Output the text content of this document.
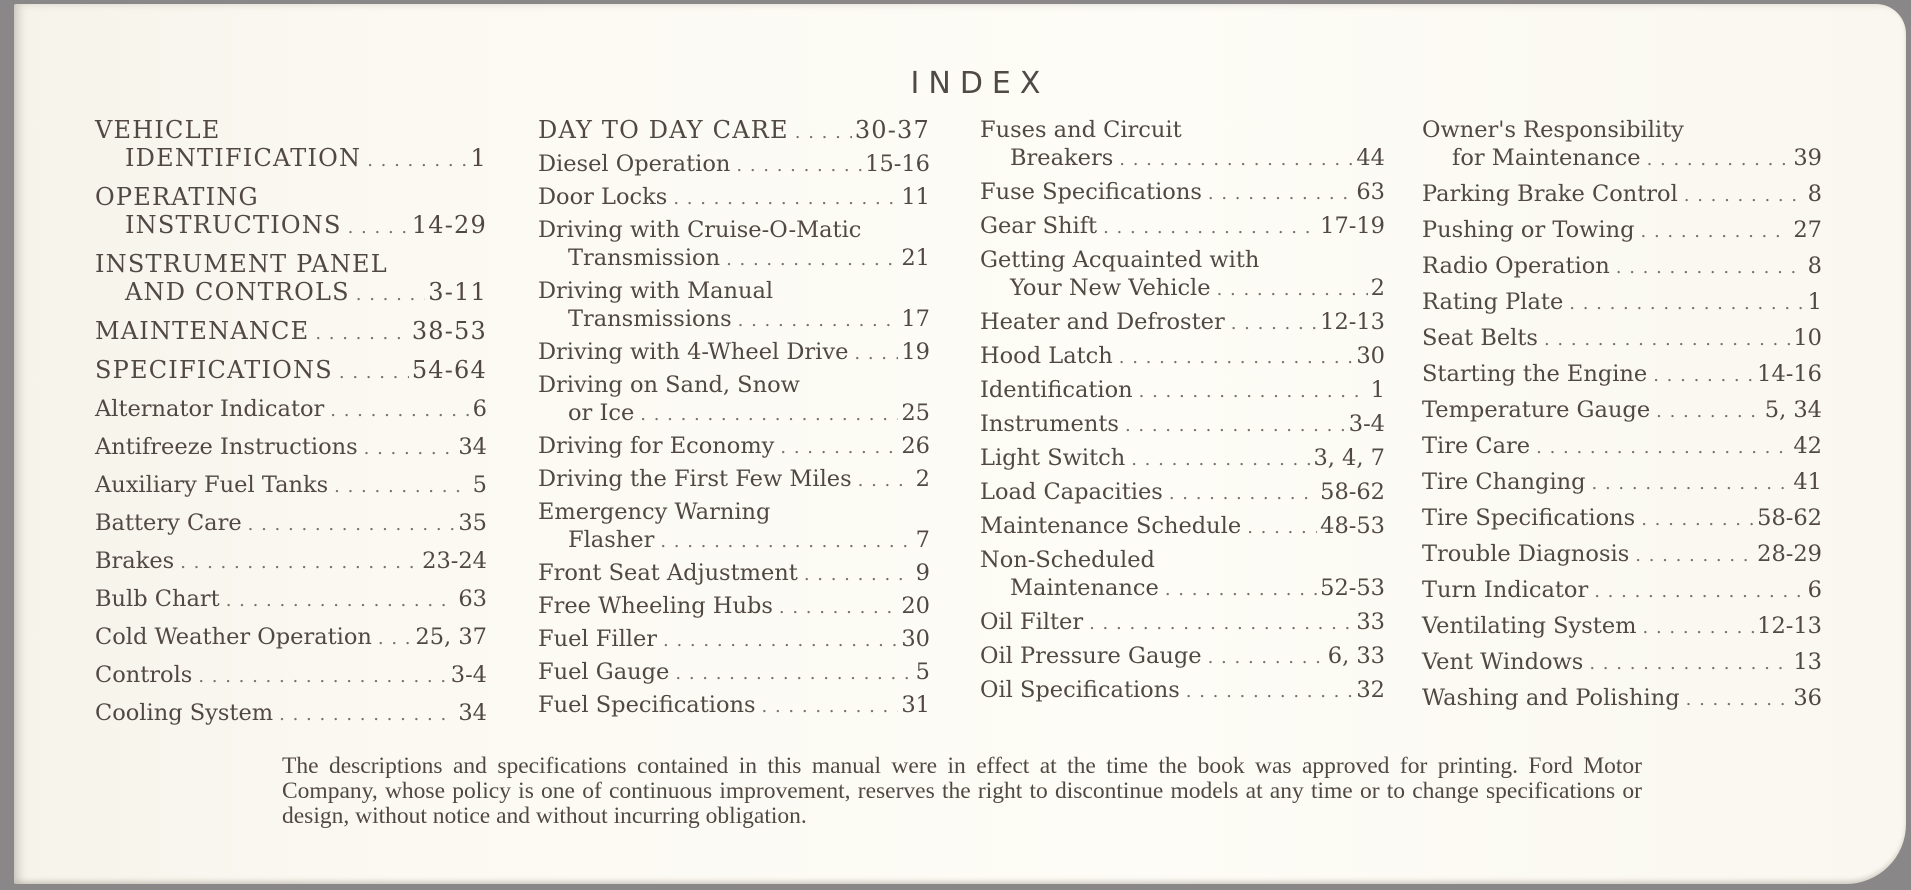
INDEX
VEHICLE
IDENTIFICATION . . .	1
OPERATING
INSTRUCTIONS . . .	14-29
INSTRUMENT PANEL
AND CONTROLS . . .	3-11
MAINTENANCE . . .	38-53
SPECIFICATIONS . . .	54-64
Alternator Indicator . . .	6
Antifreeze Instructions . . .	34
Auxiliary Fuel Tanks . . .	5
Battery Care . . .	35
Brakes . . .	23-24
Bulb Chart . . .	63
Cold Weather Operation . . . 25, 37
Controls . . .	3-4
Cooling System . . .	34
DAY TO DAY CARE . . .	30-37
Diesel Operation . . .	15-16
Door Locks . . .	11
Driving with Cruise-O-Matic
Transmission . . .	21
Driving with Manual
Transmissions . . .	17
Driving with 4-Wheel Drive . . . 19
Driving on Sand, Snow
or Ice . . .	25
Driving for Economy . . .	26
Driving the First Few Miles . . .	2
Emergency Warning
Flasher . . .	7
Front Seat Adjustment . . .	9
Free Wheeling Hubs . . .	20
Fuel Filler . . .	30
Fuel Gauge . . .	5
Fuel Specifications . . .	31
Fuses and Circuit
Breakers . . .	44
Fuse Specifications . . .	63
Gear Shift . . .	17-19
Getting Acquainted with
Your New Vehicle . . .	2
Heater and Defroster . . .	12-13
Hood Latch . . .	30
Identification . . .	1
Instruments . . .	3-4
Light Switch . . .	3, 4, 7
Load Capacities . . .	58-62
Maintenance Schedule . . .	48-53
Non-Scheduled
Maintenance . . .	52-53
Oil Filter . . .	33
Oil Pressure Gauge . . .	6, 33
Oil Specifications . . .	32
Owner's Responsibility
for Maintenance . . .	39
Parking Brake Control . . .	8
Pushing or Towing . . .	27
Radio Operation . . .	8
Rating Plate . . .	1
Seat Belts . . .	10
Starting the Engine . . .	14-16
Temperature Gauge . . .	5, 34
Tire Care . . .	42
Tire Changing . . .	41
Tire Specifications . . .	58-62
Trouble Diagnosis . . .	28-29
Turn Indicator . . .	6
Ventilating System . . .	12-13
Vent Windows . . .	13
Washing and Polishing . . .	36

The descriptions and specifications contained in this manual were in effect at the time the book was approved for printing. Ford Motor Company, whose policy is one of continuous improvement, reserves the right to discontinue models at any time or to change specifications or design, without notice and without incurring obligation.
